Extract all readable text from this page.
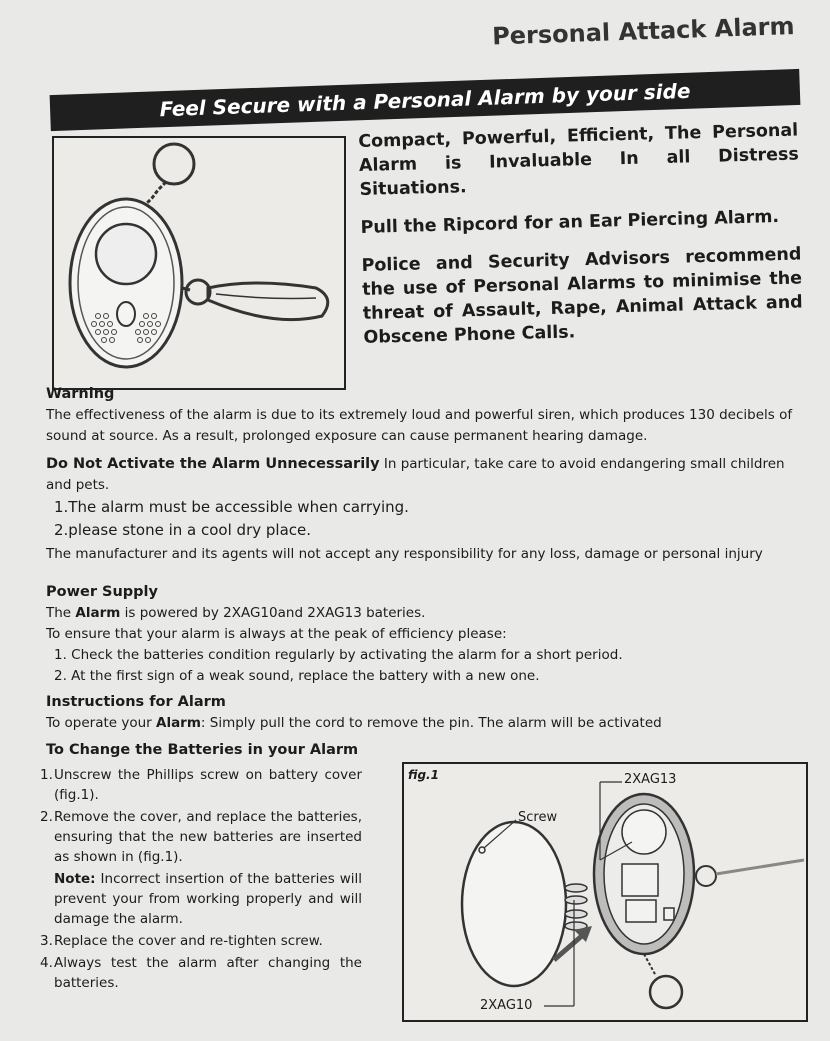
Personal Attack Alarm
Feel Secure with a Personal Alarm by your side

Compact, Powerful, Efficient, The Personal Alarm is Invaluable In all Distress Situations.

Pull the Ripcord for an Ear Piercing Alarm.

Police and Security Advisors recommend the use of Personal Alarms to minimise the threat of Assault, Rape, Animal Attack and Obscene Phone Calls.

Warning
The effectiveness of the alarm is due to its extremely loud and powerful siren, which produces 130 decibels of sound at source. As a result, prolonged exposure can cause permanent hearing damage.
Do Not Activate the Alarm Unnecessarily In particular, take care to avoid endangering small children and pets.
1.The alarm must be accessible when carrying.
2.please stone in a cool dry place.
The manufacturer and its agents will not accept any responsibility for any loss, damage or personal injury
Power Supply
The Alarm is powered by 2XAG10and 2XAG13 bateries.
To ensure that your alarm is always at the peak of efficiency please:
1. Check the batteries condition regularly by activating the alarm for a short period.
2. At the first sign of a weak sound, replace the battery with a new one.
Instructions for Alarm
To operate your Alarm: Simply pull the cord to remove the pin. The alarm will be activated
To Change the Batteries in your Alarm
1. Unscrew the Phillips screw on battery cover (fig.1).
2. Remove the cover, and replace the batteries, ensuring that the new batteries are inserted as shown in (fig.1).
Note: Incorrect insertion of the batteries will prevent your from working properly and will damage the alarm.
3. Replace the cover and re-tighten screw.
4. Always test the alarm after changing the batteries.
fig.1
Screw
2XAG13
2XAG10
